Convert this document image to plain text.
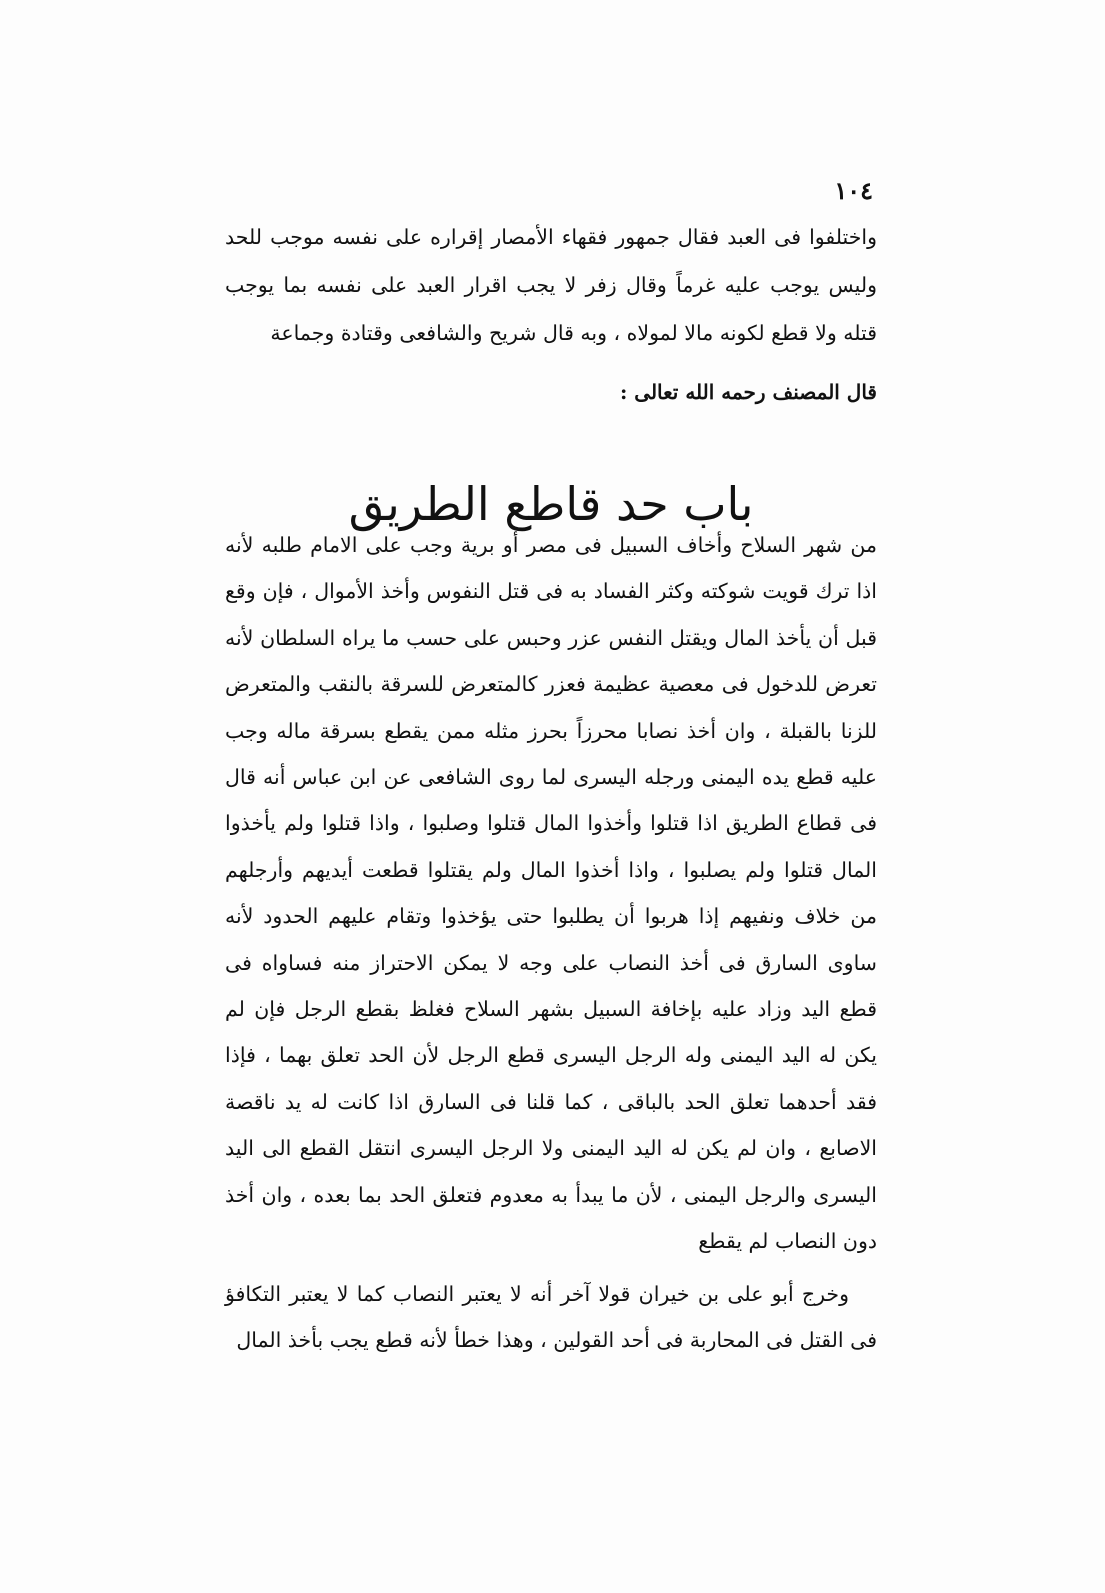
١٠٤

واختلفوا فى العبد فقال جمهور فقهاء الأمصار إقراره على نفسه موجب للحد وليس يوجب عليه غرماً وقال زفر لا يجب اقرار العبد على نفسه بما يوجب قتله ولا قطع لكونه مالا لمولاه ، وبه قال شريح والشافعى وقتادة وجماعة

قال المصنف رحمه الله تعالى :

باب حد قاطع الطريق

من شهر السلاح وأخاف السبيل فى مصر أو برية وجب على الامام طلبه لأنه اذا ترك قويت شوكته وكثر الفساد به فى قتل النفوس وأخذ الأموال ، فإن وقع قبل أن يأخذ المال ويقتل النفس عزر وحبس على حسب ما يراه السلطان لأنه تعرض للدخول فى معصية عظيمة فعزر كالمتعرض للسرقة بالنقب والمتعرض للزنا بالقبلة ، وان أخذ نصابا محرزاً بحرز مثله ممن يقطع بسرقة ماله وجب عليه قطع يده اليمنى ورجله اليسرى لما روى الشافعى عن ابن عباس أنه قال فى قطاع الطريق اذا قتلوا وأخذوا المال قتلوا وصلبوا ، واذا قتلوا ولم يأخذوا المال قتلوا ولم يصلبوا ، واذا أخذوا المال ولم يقتلوا قطعت أيديهم وأرجلهم من خلاف ونفيهم إذا هربوا أن يطلبوا حتى يؤخذوا وتقام عليهم الحدود لأنه ساوى السارق فى أخذ النصاب على وجه لا يمكن الاحتراز منه فساواه فى قطع اليد وزاد عليه بإخافة السبيل بشهر السلاح فغلظ بقطع الرجل فإن لم يكن له اليد اليمنى وله الرجل اليسرى قطع الرجل لأن الحد تعلق بهما ، فإذا فقد أحدهما تعلق الحد بالباقى ، كما قلنا فى السارق اذا كانت له يد ناقصة الاصابع ، وان لم يكن له اليد اليمنى ولا الرجل اليسرى انتقل القطع الى اليد اليسرى والرجل اليمنى ، لأن ما يبدأ به معدوم فتعلق الحد بما بعده ، وان أخذ دون النصاب لم يقطع

وخرج أبو على بن خيران قولا آخر أنه لا يعتبر النصاب كما لا يعتبر التكافؤ فى القتل فى المحاربة فى أحد القولين ، وهذا خطأ لأنه قطع يجب بأخذ المال
